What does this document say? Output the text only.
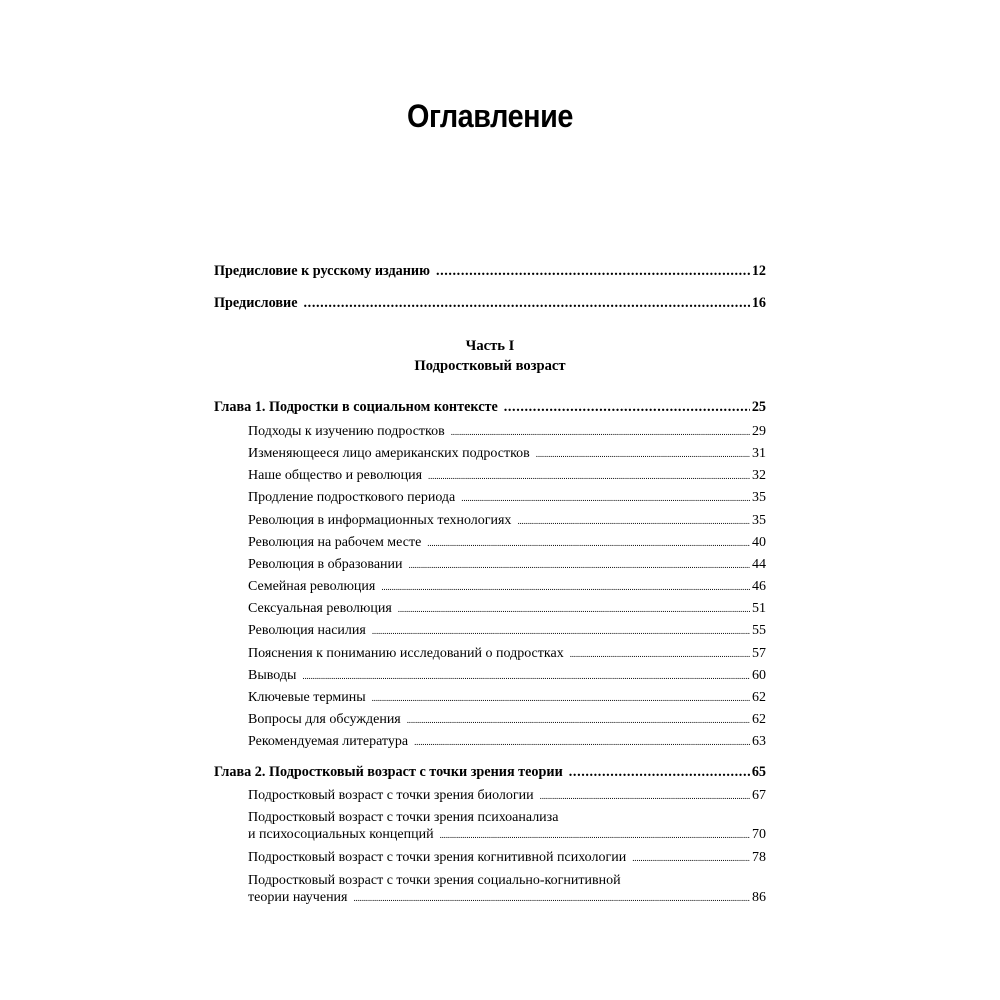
Оглавление
Предисловие к русскому изданию .....	12
Предисловие .....	16
Часть I
Подростковый возраст
Глава 1. Подростки в социальном контексте .....	25
Подходы к изучению подростков .....	29
Изменяющееся лицо американских подростков .....	31
Наше общество и революция .....	32
Продление подросткового периода .....	35
Революция в информационных технологиях .....	35
Революция на рабочем месте .....	40
Революция в образовании .....	44
Семейная революция .....	46
Сексуальная революция .....	51
Революция насилия .....	55
Пояснения к пониманию исследований о подростках .....	57
Выводы .....	60
Ключевые термины .....	62
Вопросы для обсуждения .....	62
Рекомендуемая литература .....	63
Глава 2. Подростковый возраст с точки зрения теории .....	65
Подростковый возраст с точки зрения биологии .....	67
Подростковый возраст с точки зрения психоанализа
и психосоциальных концепций .....	70
Подростковый возраст с точки зрения когнитивной психологии .....	78
Подростковый возраст с точки зрения социально-когнитивной
теории научения .....	86
